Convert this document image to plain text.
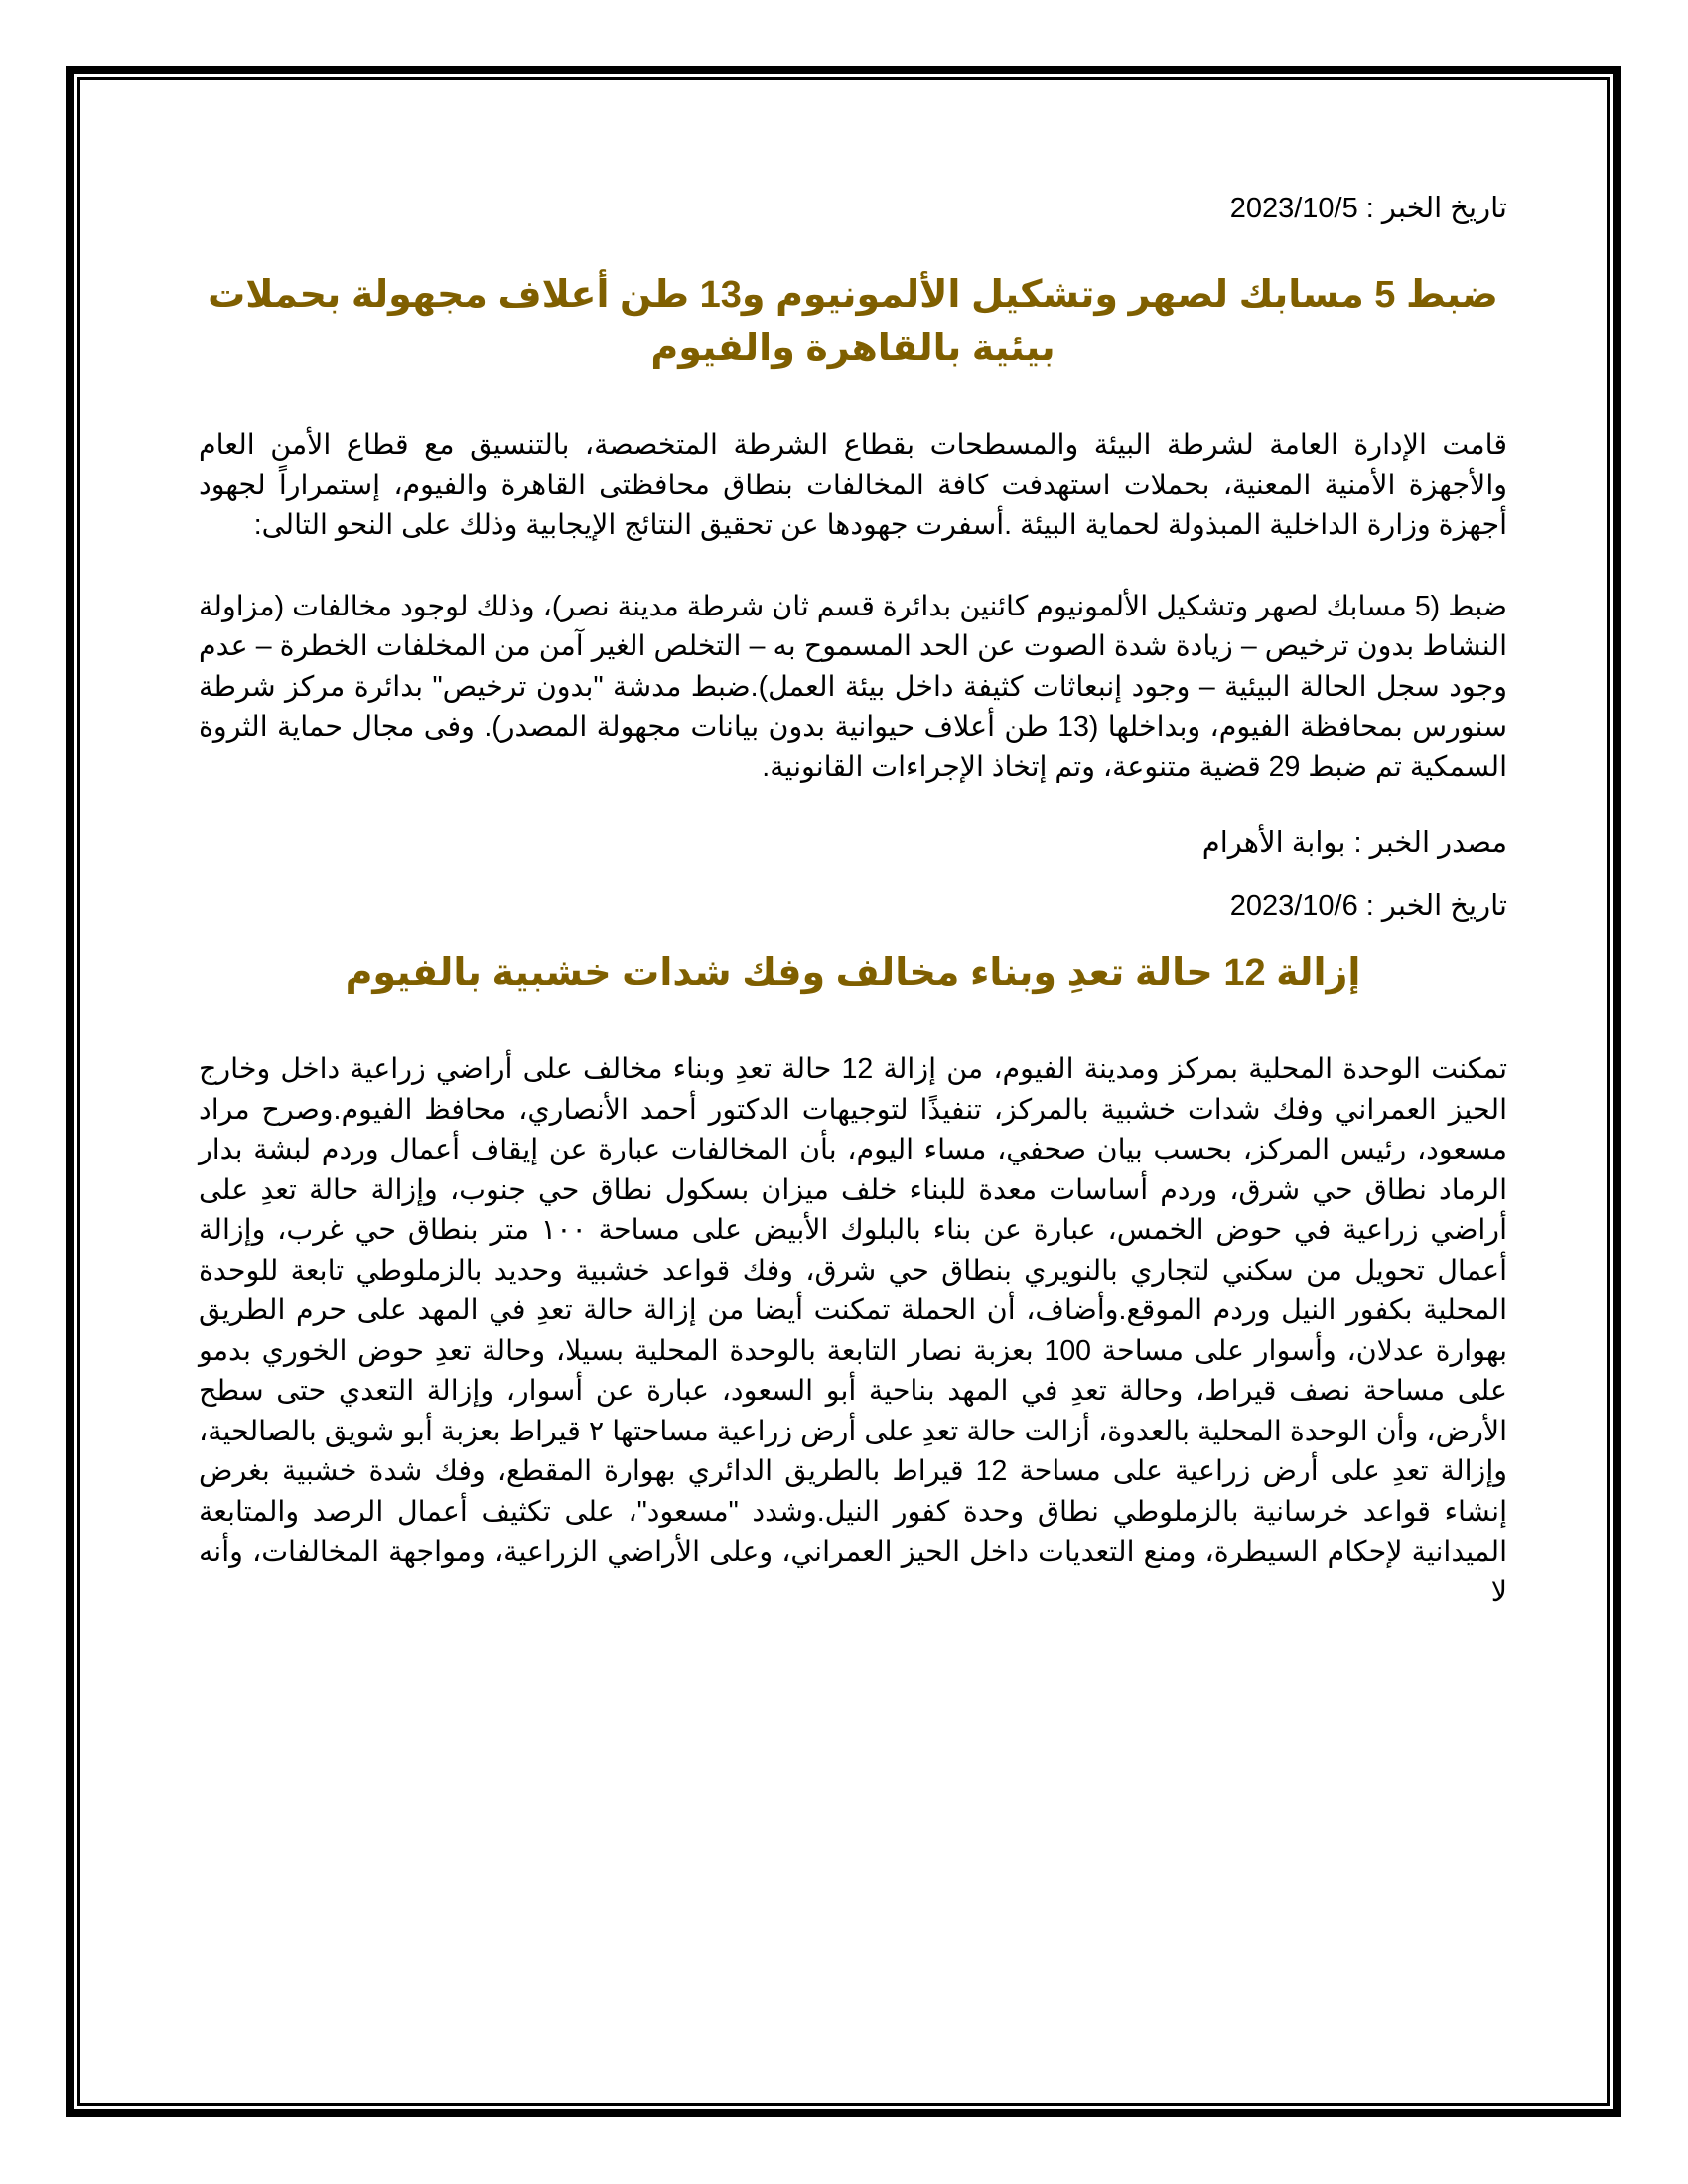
تاريخ الخبر : 2023/10/5

ضبط 5 مسابك لصهر وتشكيل الألمونيوم و13 طن أعلاف مجهولة بحملات بيئية بالقاهرة والفيوم

قامت الإدارة العامة لشرطة البيئة والمسطحات بقطاع الشرطة المتخصصة، بالتنسيق مع قطاع الأمن العام والأجهزة الأمنية المعنية، بحملات استهدفت كافة المخالفات بنطاق محافظتى القاهرة والفيوم، إستمراراً لجهود أجهزة وزارة الداخلية المبذولة لحماية البيئة .أسفرت جهودها عن تحقيق النتائج الإيجابية وذلك على النحو التالى:

ضبط (5 مسابك لصهر وتشكيل الألمونيوم كائنين بدائرة قسم ثان شرطة مدينة نصر)، وذلك لوجود مخالفات (مزاولة النشاط بدون ترخيص – زيادة شدة الصوت عن الحد المسموح به – التخلص الغير آمن من المخلفات الخطرة – عدم وجود سجل الحالة البيئية – وجود إنبعاثات كثيفة داخل بيئة العمل).ضبط مدشة "بدون ترخيص" بدائرة مركز شرطة سنورس بمحافظة الفيوم، وبداخلها (13 طن أعلاف حيوانية بدون بيانات مجهولة المصدر). وفى مجال حماية الثروة السمكية تم ضبط 29 قضية متنوعة، وتم إتخاذ الإجراءات القانونية.

مصدر الخبر : بوابة الأهرام

تاريخ الخبر : 2023/10/6

إزالة 12 حالة تعدِ وبناء مخالف وفك شدات خشبية بالفيوم

تمكنت الوحدة المحلية بمركز ومدينة الفيوم، من إزالة 12 حالة تعدِ وبناء مخالف على أراضي زراعية داخل وخارج الحيز العمراني وفك شدات خشبية بالمركز، تنفيذًا لتوجيهات الدكتور أحمد الأنصاري، محافظ الفيوم.وصرح مراد مسعود، رئيس المركز، بحسب بيان صحفي، مساء اليوم، بأن المخالفات عبارة عن إيقاف أعمال وردم لبشة بدار الرماد نطاق حي شرق، وردم أساسات معدة للبناء خلف ميزان بسكول نطاق حي جنوب، وإزالة حالة تعدِ على أراضي زراعية في حوض الخمس، عبارة عن بناء بالبلوك الأبيض على مساحة ١٠٠ متر بنطاق حي غرب، وإزالة أعمال تحويل من سكني لتجاري بالنويري بنطاق حي شرق، وفك قواعد خشبية وحديد بالزملوطي تابعة للوحدة المحلية بكفور النيل وردم الموقع.وأضاف، أن الحملة تمكنت أيضا من إزالة حالة تعدِ في المهد على حرم الطريق بهوارة عدلان، وأسوار على مساحة 100 بعزبة نصار التابعة بالوحدة المحلية بسيلا، وحالة تعدِ حوض الخوري بدمو على مساحة نصف قيراط، وحالة تعدِ في المهد بناحية أبو السعود، عبارة عن أسوار، وإزالة التعدي حتى سطح الأرض، وأن الوحدة المحلية بالعدوة، أزالت حالة تعدِ على أرض زراعية مساحتها ٢ قيراط بعزبة أبو شويق بالصالحية، وإزالة تعدِ على أرض زراعية على مساحة 12 قيراط بالطريق الدائري بهوارة المقطع، وفك شدة خشبية بغرض إنشاء قواعد خرسانية بالزملوطي نطاق وحدة كفور النيل.وشدد "مسعود"، على تكثيف أعمال الرصد والمتابعة الميدانية لإحكام السيطرة، ومنع التعديات داخل الحيز العمراني، وعلى الأراضي الزراعية، ومواجهة المخالفات، وأنه لا
